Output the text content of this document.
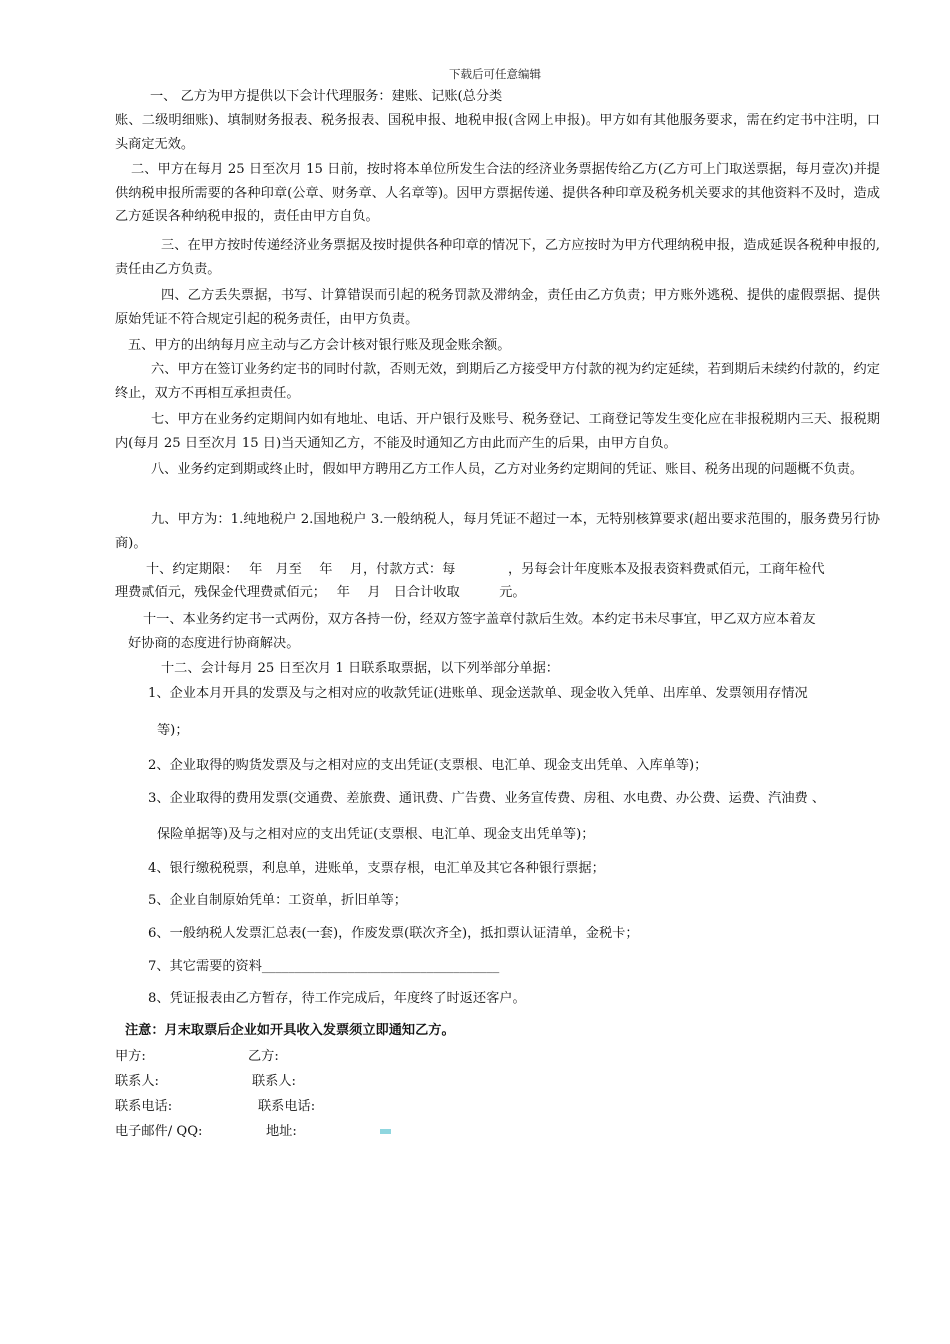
下载后可任意编辑
一、 乙方为甲方提供以下会计代理服务：建账、记账(总分类
账、二级明细账)、填制财务报表、税务报表、国税申报、地税申报(含网上申报)。甲方如有其他服务要求，需在约定书中注明，口头商定无效。
二、甲方在每月 25 日至次月 15 日前，按时将本单位所发生合法的经济业务票据传给乙方(乙方可上门取送票据，每月壹次)并提供纳税申报所需要的各种印章(公章、财务章、人名章等)。因甲方票据传递、提供各种印章及税务机关要求的其他资料不及时，造成乙方延误各种纳税申报的，责任由甲方自负。
三、在甲方按时传递经济业务票据及按时提供各种印章的情况下，乙方应按时为甲方代理纳税申报，造成延误各税种申报的, 责任由乙方负责。
四、乙方丢失票据，书写、计算错误而引起的税务罚款及滞纳金，责任由乙方负责；甲方账外逃税、提供的虚假票据、提供原始凭证不符合规定引起的税务责任，由甲方负责。
五、甲方的出纳每月应主动与乙方会计核对银行账及现金账余额。
六、甲方在签订业务约定书的同时付款，否则无效，到期后乙方接受甲方付款的视为约定延续，若到期后未续约付款的，约定终止，双方不再相互承担责任。
七、甲方在业务约定期间内如有地址、电话、开户银行及账号、税务登记、工商登记等发生变化应在非报税期内三天、报税期内(每月 25 日至次月 15 日)当天通知乙方，不能及时通知乙方由此而产生的后果，由甲方自负。
八、业务约定到期或终止时，假如甲方聘用乙方工作人员，乙方对业务约定期间的凭证、账目、税务出现的问题概不负责。
九、甲方为：1.纯地税户 2.国地税户 3.一般纳税人，每月凭证不超过一本，无特别核算要求(超出要求范围的，服务费另行协商)。
十、约定期限：　 年　月至　 年　 月，付款方式：每　　　　，另每会计年度账本及报表资料费贰佰元，工商年检代
理费贰佰元，残保金代理费贰佰元；　 年　 月　日合计收取　　　元。
十一、本业务约定书一式两份，双方各持一份，经双方签字盖章付款后生效。本约定书未尽事宜，甲乙双方应本着友
好协商的态度进行协商解决。
十二、会计每月 25 日至次月 1 日联系取票据，以下列举部分单据：
1、企业本月开具的发票及与之相对应的收款凭证(进账单、现金送款单、现金收入凭单、出库单、发票领用存情况
等)；
2、企业取得的购货发票及与之相对应的支出凭证(支票根、电汇单、现金支出凭单、入库单等)；
3、企业取得的费用发票(交通费、差旅费、通讯费、广告费、业务宣传费、房租、水电费、办公费、运费、汽油费 、
保险单据等)及与之相对应的支出凭证(支票根、电汇单、现金支出凭单等)；
4、银行缴税税票，利息单，进账单，支票存根，电汇单及其它各种银行票据；
5、企业自制原始凭单：工资单，折旧单等；
6、一般纳税人发票汇总表(一套)，作废发票(联次齐全)，抵扣票认证清单，金税卡；
7、其它需要的资料____________________________________
8、凭证报表由乙方暂存，待工作完成后，年度终了时返还客户。
注意：月末取票后企业如开具收入发票须立即通知乙方。
甲方:	乙方:
联系人:	联系人:
联系电话:	联系电话:
电子邮件/ QQ:	地址:
